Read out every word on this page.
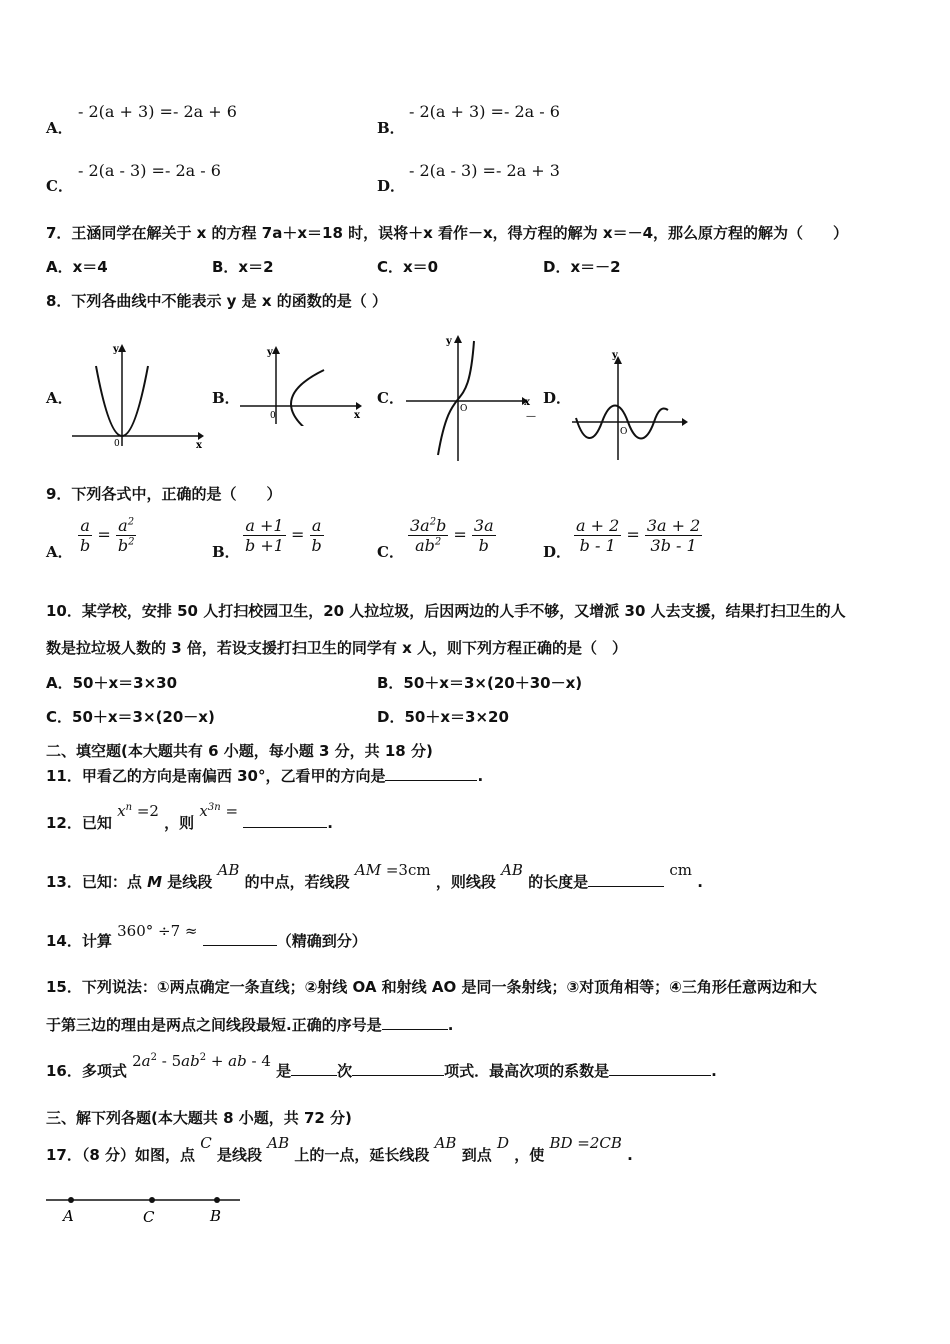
A．
- 2(a + 3) =- 2a + 6
B．
- 2(a + 3) =- 2a - 6
C．
- 2(a - 3) =- 2a - 6
D．
- 2(a - 3) =- 2a + 3
7．王涵同学在解关于 x 的方程 7a＋x＝18 时，误将＋x 看作－x，得方程的解为 x＝－4，那么原方程的解为（　　）
A．x＝4	B．x＝2	C．x＝0	D．x＝－2
8．下列各曲线中不能表示 y 是 x 的函数的是（ ）
A．	B．	C．	D．
y
x
0
y
x
0
y
x
O
—
y
O
9．下列各式中，正确的是（　　）
A． $\frac{a}{b} = \frac{a^2}{b^2}$	B． $\frac{a +1}{b +1} = \frac{a}{b}$	C． $\frac{3a^2b}{ab^2} = \frac{3a}{b}$	D． $\frac{a + 2}{b - 1} = \frac{3a + 2}{3b - 1}$
10．某学校，安排 50 人打扫校园卫生，20 人拉垃圾，后因两边的人手不够，又增派 30 人去支援，结果打扫卫生的人
数是拉垃圾人数的 3 倍，若设支援打扫卫生的同学有 x 人，则下列方程正确的是（　）
A．50＋x＝3×30	B．50＋x＝3×(20＋30－x)
C．50＋x＝3×(20－x)	D．50＋x＝3×20
二、填空题(本大题共有 6 小题，每小题 3 分，共 18 分)
11．甲看乙的方向是南偏西 30°，乙看甲的方向是	.
12．已知 $x^n =2$ ，则 $x^{3n}$ = .
13．已知：点 M 是线段 AB 的中点，若线段 AM =3cm ，则线段 AB 的长度是 cm .
14．计算 360° ÷7 ≈ （精确到分）
15．下列说法：①两点确定一条直线；②射线 OA 和射线 AO 是同一条射线；③对顶角相等；④三角形任意两边和大
于第三边的理由是两点之间线段最短.正确的序号是	.
16．多项式 $2a^2 - 5ab^2$ + ab - 4 是	次	项式．最高次项的系数是	.
三、解下列各题(本大题共 8 小题，共 72 分)
17．（8 分）如图，点 C 是线段 AB 上的一点，延长线段 AB 到点 D ，使 BD =2CB .
A	C	B
